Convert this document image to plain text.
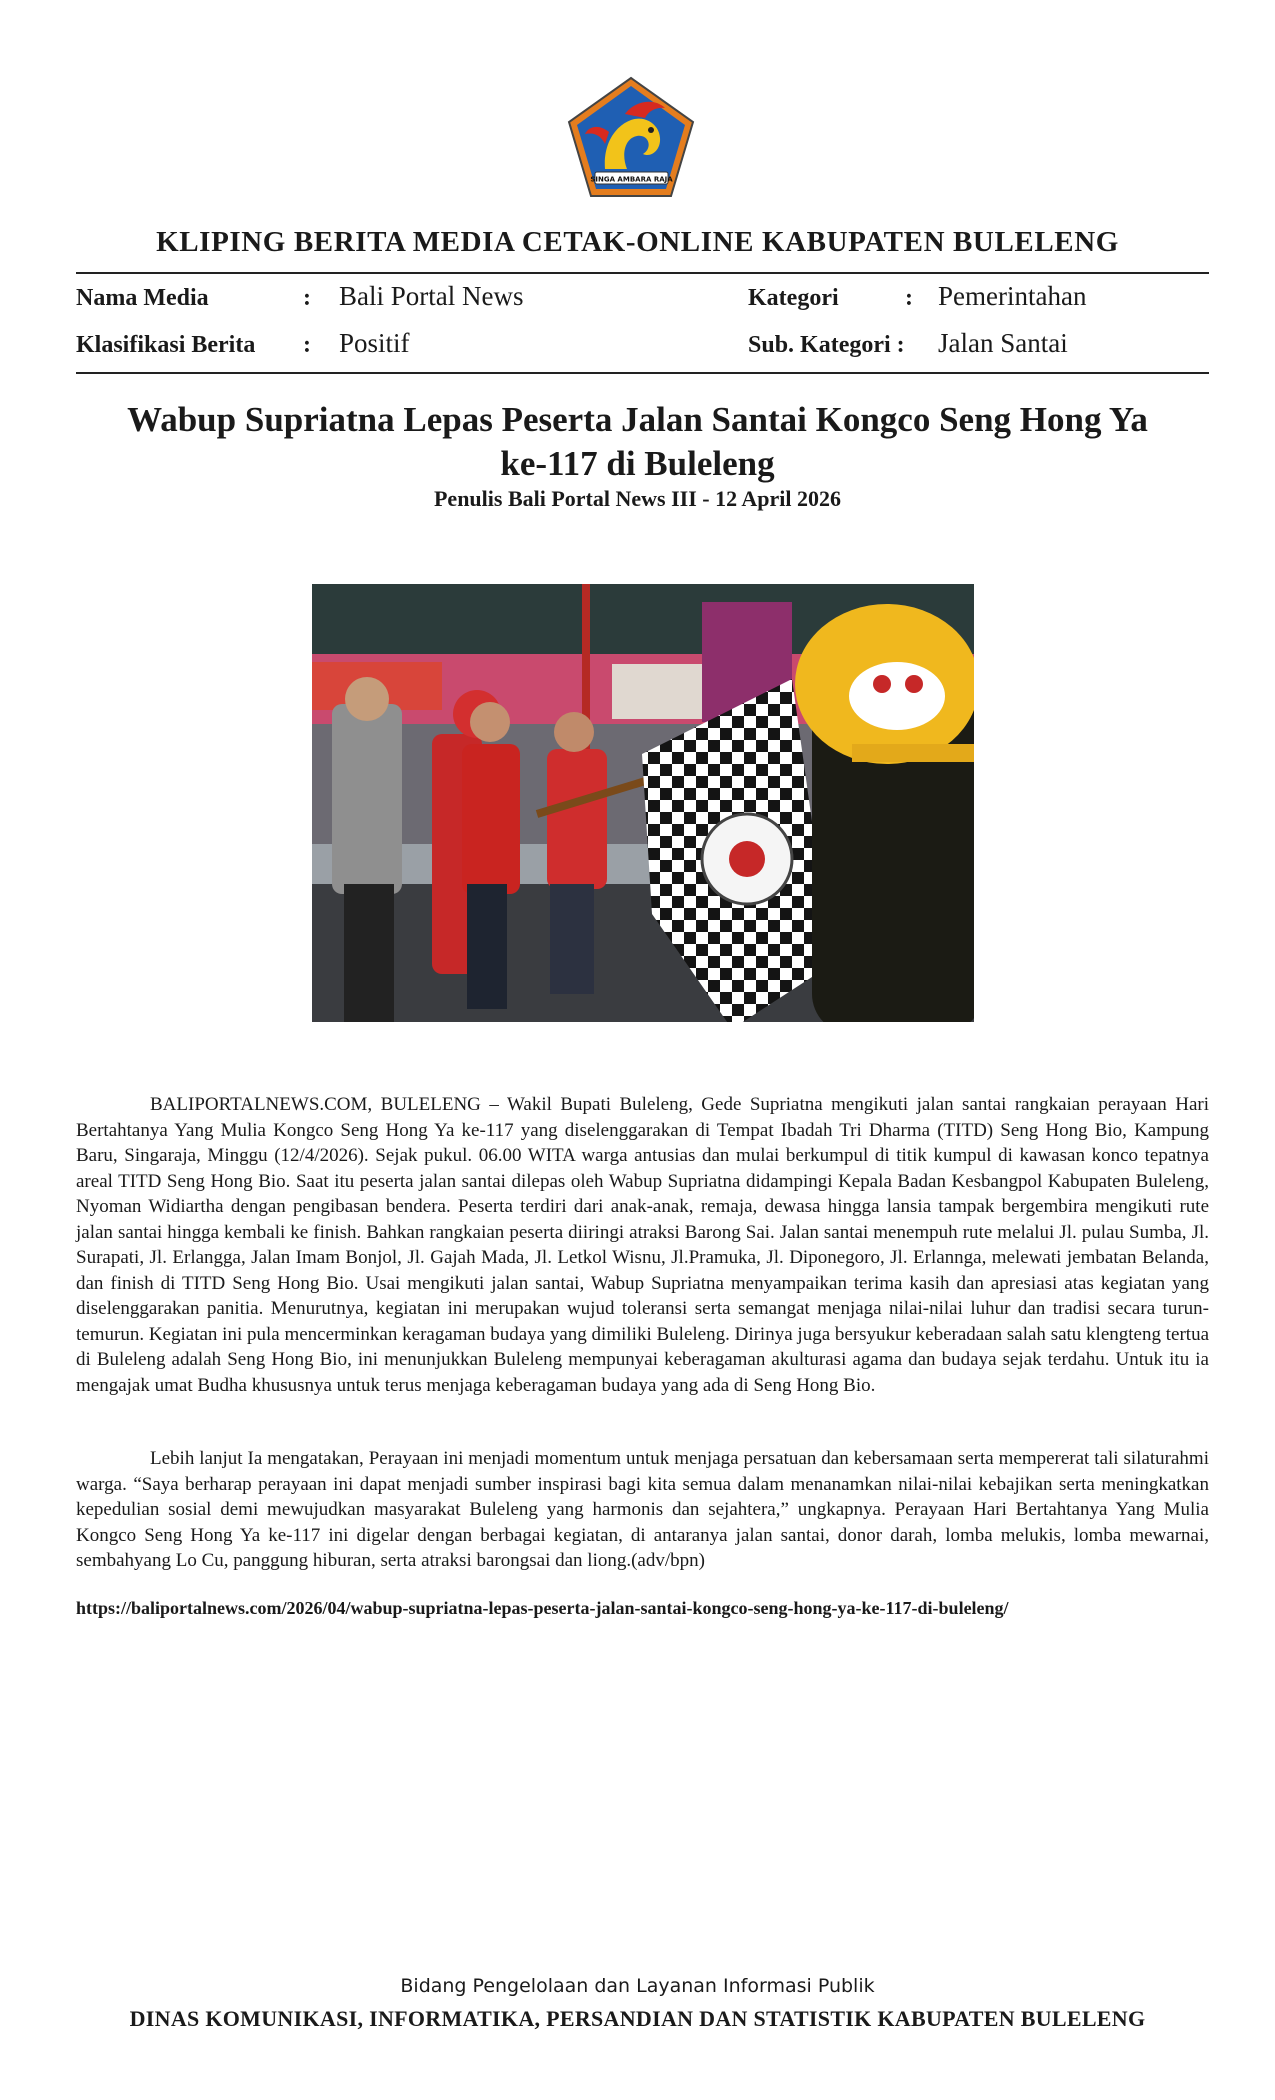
SINGA AMBARA RAJA
KLIPING BERITA MEDIA CETAK-ONLINE KABUPATEN BULELENG
Nama Media	: Bali Portal News
Klasifikasi Berita : Positif
Kategori	: Pemerintahan
Sub. Kategori : Jalan Santai
Wabup Supriatna Lepas Peserta Jalan Santai Kongco Seng Hong Ya ke-117 di Buleleng
Penulis Bali Portal News III - 12 April 2026

BALIPORTALNEWS.COM, BULELENG – Wakil Bupati Buleleng, Gede Supriatna mengikuti jalan santai rangkaian perayaan Hari Bertahtanya Yang Mulia Kongco Seng Hong Ya ke-117 yang diselenggarakan di Tempat Ibadah Tri Dharma (TITD) Seng Hong Bio, Kampung Baru, Singaraja, Minggu (12/4/2026). Sejak pukul. 06.00 WITA warga antusias dan mulai berkumpul di titik kumpul di kawasan konco tepatnya areal TITD Seng Hong Bio. Saat itu peserta jalan santai dilepas oleh Wabup Supriatna didampingi Kepala Badan Kesbangpol Kabupaten Buleleng, Nyoman Widiartha dengan pengibasan bendera. Peserta terdiri dari anak-anak, remaja, dewasa hingga lansia tampak bergembira mengikuti rute jalan santai hingga kembali ke finish. Bahkan rangkaian peserta diiringi atraksi Barong Sai. Jalan santai menempuh rute melalui Jl. pulau Sumba, Jl. Surapati, Jl. Erlangga, Jalan Imam Bonjol, Jl. Gajah Mada, Jl. Letkol Wisnu, Jl.Pramuka, Jl. Diponegoro, Jl. Erlannga, melewati jembatan Belanda, dan finish di TITD Seng Hong Bio. Usai mengikuti jalan santai, Wabup Supriatna menyampaikan terima kasih dan apresiasi atas kegiatan yang diselenggarakan panitia. Menurutnya, kegiatan ini merupakan wujud toleransi serta semangat menjaga nilai-nilai luhur dan tradisi secara turun-temurun. Kegiatan ini pula mencerminkan keragaman budaya yang dimiliki Buleleng. Dirinya juga bersyukur keberadaan salah satu klengteng tertua di Buleleng adalah Seng Hong Bio, ini menunjukkan Buleleng mempunyai keberagaman akulturasi agama dan budaya sejak terdahu. Untuk itu ia mengajak umat Budha khususnya untuk terus menjaga keberagaman budaya yang ada di Seng Hong Bio.

Lebih lanjut Ia mengatakan, Perayaan ini menjadi momentum untuk menjaga persatuan dan kebersamaan serta mempererat tali silaturahmi warga. “Saya berharap perayaan ini dapat menjadi sumber inspirasi bagi kita semua dalam menanamkan nilai-nilai kebajikan serta meningkatkan kepedulian sosial demi mewujudkan masyarakat Buleleng yang harmonis dan sejahtera,” ungkapnya. Perayaan Hari Bertahtanya Yang Mulia Kongco Seng Hong Ya ke-117 ini digelar dengan berbagai kegiatan, di antaranya jalan santai, donor darah, lomba melukis, lomba mewarnai, sembahyang Lo Cu, panggung hiburan, serta atraksi barongsai dan liong.(adv/bpn)

https://baliportalnews.com/2026/04/wabup-supriatna-lepas-peserta-jalan-santai-kongco-seng-hong-ya-ke-117-di-buleleng/
Bidang Pengelolaan dan Layanan Informasi Publik
DINAS KOMUNIKASI, INFORMATIKA, PERSANDIAN DAN STATISTIK KABUPATEN BULELENG
